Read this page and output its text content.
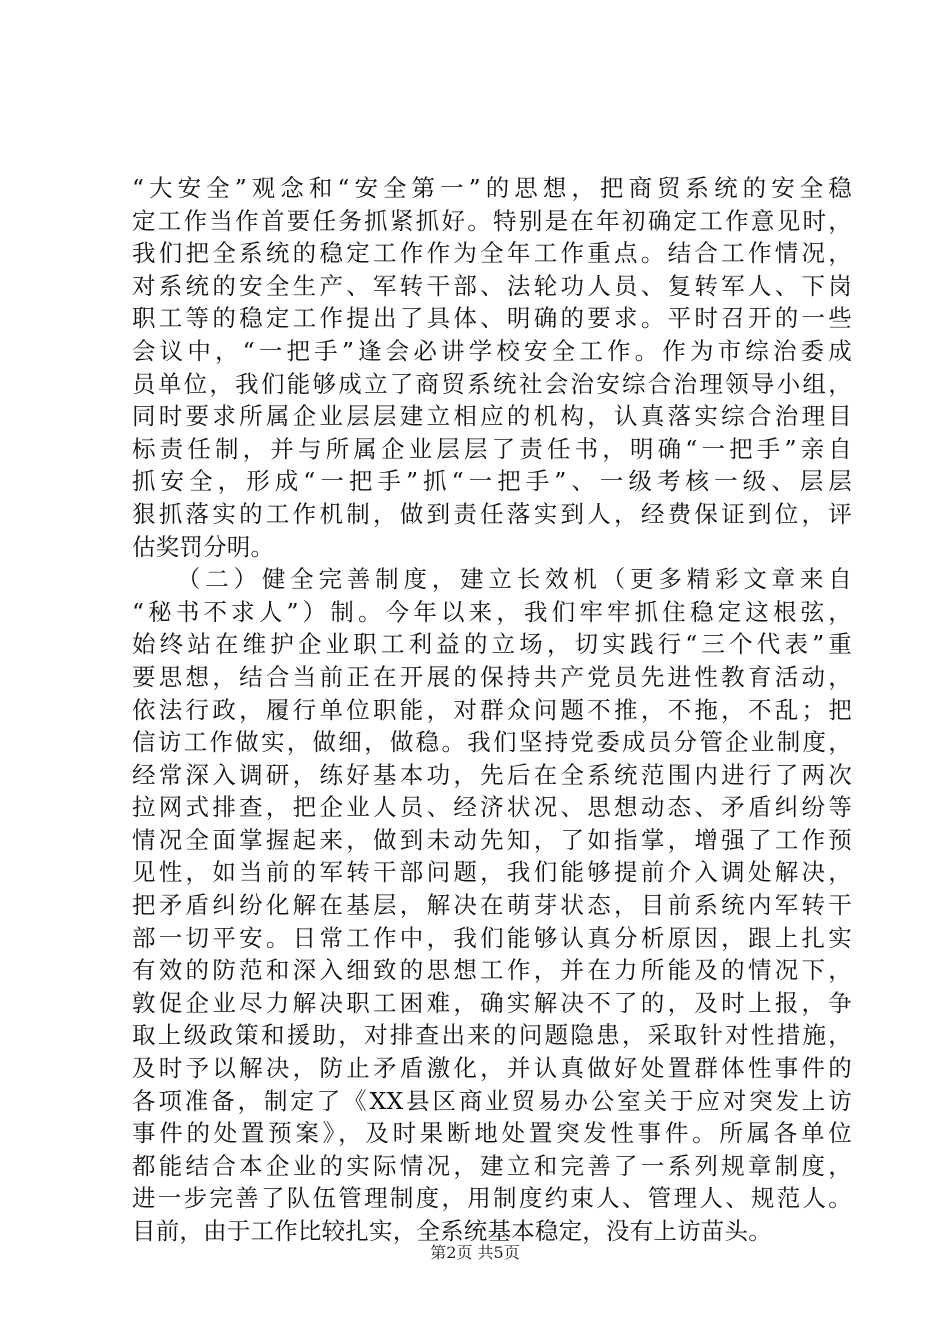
“大安全”观念和“安全第一”的思想，把商贸系统的安全稳
定工作当作首要任务抓紧抓好。特别是在年初确定工作意见时，
我们把全系统的稳定工作作为全年工作重点。结合工作情况，
对系统的安全生产、军转干部、法轮功人员、复转军人、下岗
职工等的稳定工作提出了具体、明确的要求。平时召开的一些
会议中，“一把手”逢会必讲学校安全工作。作为市综治委成
员单位，我们能够成立了商贸系统社会治安综合治理领导小组，
同时要求所属企业层层建立相应的机构，认真落实综合治理目
标责任制，并与所属企业层层了责任书，明确“一把手”亲自
抓安全，形成“一把手”抓“一把手”、一级考核一级、层层
狠抓落实的工作机制，做到责任落实到人，经费保证到位，评
估奖罚分明。
　　（二）健全完善制度，建立长效机（更多精彩文章来自
“秘书不求人”）制。今年以来，我们牢牢抓住稳定这根弦，
始终站在维护企业职工利益的立场，切实践行“三个代表”重
要思想，结合当前正在开展的保持共产党员先进性教育活动，
依法行政，履行单位职能，对群众问题不推，不拖，不乱；把
信访工作做实，做细，做稳。我们坚持党委成员分管企业制度，
经常深入调研，练好基本功，先后在全系统范围内进行了两次
拉网式排查，把企业人员、经济状况、思想动态、矛盾纠纷等
情况全面掌握起来，做到未动先知，了如指掌，增强了工作预
见性，如当前的军转干部问题，我们能够提前介入调处解决，
把矛盾纠纷化解在基层，解决在萌芽状态，目前系统内军转干
部一切平安。日常工作中，我们能够认真分析原因，跟上扎实
有效的防范和深入细致的思想工作，并在力所能及的情况下，
敦促企业尽力解决职工困难，确实解决不了的，及时上报，争
取上级政策和援助，对排查出来的问题隐患，采取针对性措施，
及时予以解决，防止矛盾激化，并认真做好处置群体性事件的
各项准备，制定了《XX县区商业贸易办公室关于应对突发上访
事件的处置预案》，及时果断地处置突发性事件。所属各单位
都能结合本企业的实际情况，建立和完善了一系列规章制度，
进一步完善了队伍管理制度，用制度约束人、管理人、规范人。
目前，由于工作比较扎实，全系统基本稳定，没有上访苗头。
第2页 共5页
